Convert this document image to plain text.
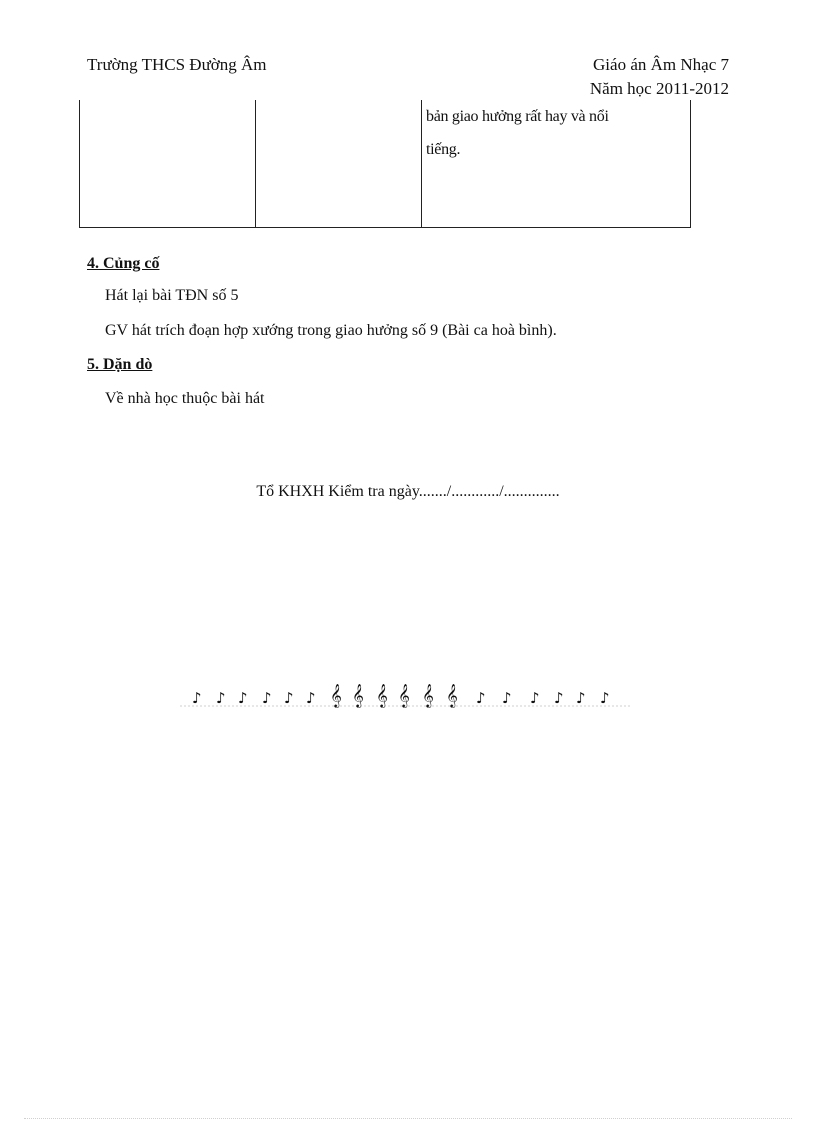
Trường THCS Đường Âm	Giáo án Âm Nhạc 7
Năm học 2011-2012
bản giao hưởng rất hay và nổi
tiếng.
4. Củng cố
Hát lại bài TĐN số 5
GV hát trích đoạn hợp xướng trong giao hưởng số 9 (Bài ca hoà bình).
5. Dặn dò
Về nhà học thuộc bài hát
Tổ KHXH Kiểm tra ngày......./............/..............
♪ ♪ ♪ ♪ ♪ ♪ 𝄞 𝄞 𝄞 𝄞 𝄞 𝄞 ♪ ♪ ♪ ♪ ♪ ♪
